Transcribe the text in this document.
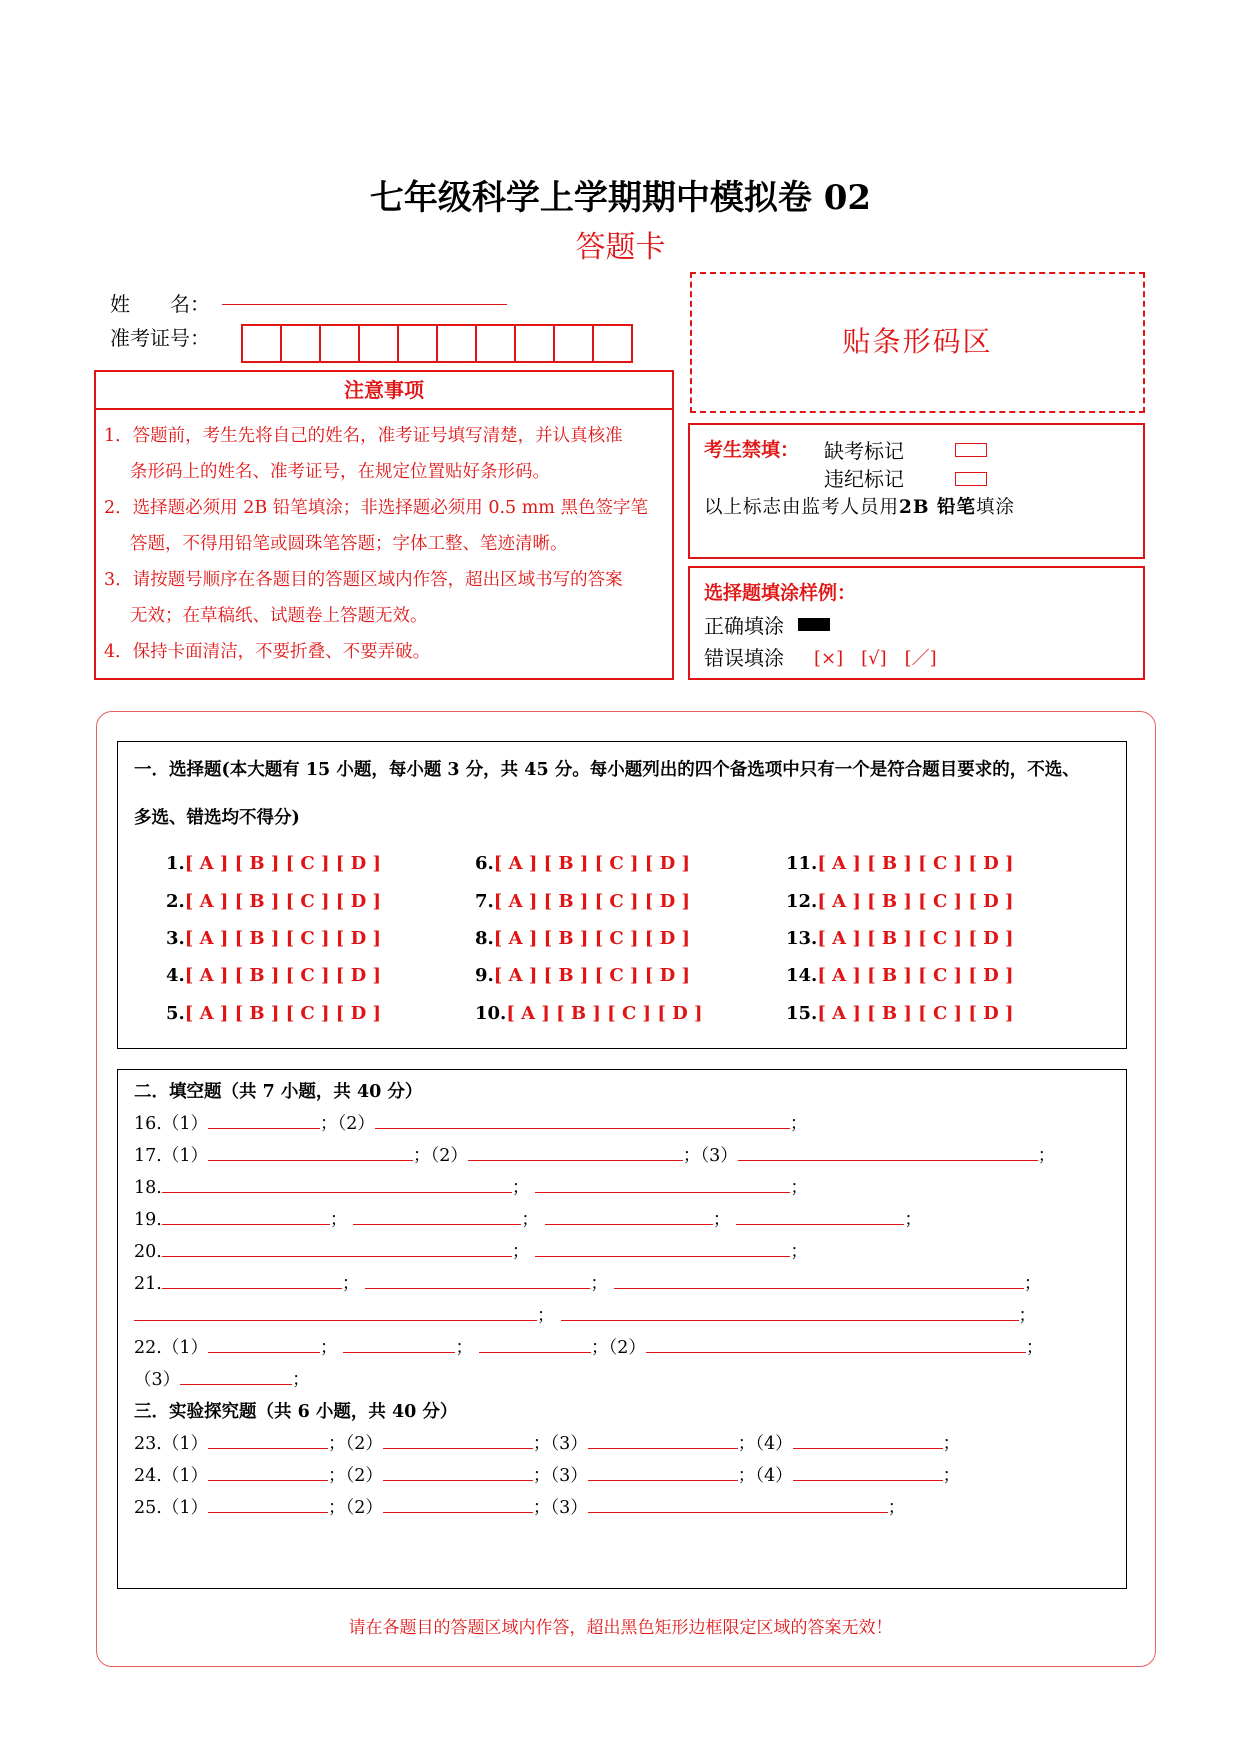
七年级科学上学期期中模拟卷 02
答题卡
姓　　名：
准考证号：
注意事项
1．答题前，考生先将自己的姓名，准考证号填写清楚，并认真核准
条形码上的姓名、准考证号，在规定位置贴好条形码。
2．选择题必须用 2B 铅笔填涂；非选择题必须用 0.5 mm 黑色签字笔
答题，不得用铅笔或圆珠笔答题；字体工整、笔迹清晰。
3．请按题号顺序在各题目的答题区域内作答，超出区域书写的答案
无效；在草稿纸、试题卷上答题无效。
4．保持卡面清洁，不要折叠、不要弄破。
贴条形码区
考生禁填： 缺考标记
违纪标记
以上标志由监考人员用2B 铅笔填涂
选择题填涂样例：
正确填涂
错误填涂 [×]　[√]　[／]
一．选择题(本大题有 15 小题，每小题 3 分，共 45 分。每小题列出的四个备选项中只有一个是符合题目要求的，不选、
多选、错选均不得分)
1.[ A ] [ B ] [ C ] [ D ]
2.[ A ] [ B ] [ C ] [ D ]
3.[ A ] [ B ] [ C ] [ D ]
4.[ A ] [ B ] [ C ] [ D ]
5.[ A ] [ B ] [ C ] [ D ]
6.[ A ] [ B ] [ C ] [ D ]
7.[ A ] [ B ] [ C ] [ D ]
8.[ A ] [ B ] [ C ] [ D ]
9.[ A ] [ B ] [ C ] [ D ]
10.[ A ] [ B ] [ C ] [ D ]
11.[ A ] [ B ] [ C ] [ D ]
12.[ A ] [ B ] [ C ] [ D ]
13.[ A ] [ B ] [ C ] [ D ]
14.[ A ] [ B ] [ C ] [ D ]
15.[ A ] [ B ] [ C ] [ D ]
二．填空题（共 7 小题，共 40 分）
16.（1）	；（2）	；
17.（1）	；（2）	；（3）	；
18.	；	；
19.	；	；	；	；
20.	；	；
21.	；	；	；
；	；
22.（1）	；	；	；（2）	；
（3）	；
三．实验探究题（共 6 小题，共 40 分）
23.（1）	；（2）	；（3）	；（4）	；
24.（1）	；（2）	；（3）	；（4）	；
25.（1）	；（2）	；（3）	；
请在各题目的答题区域内作答，超出黑色矩形边框限定区域的答案无效！
